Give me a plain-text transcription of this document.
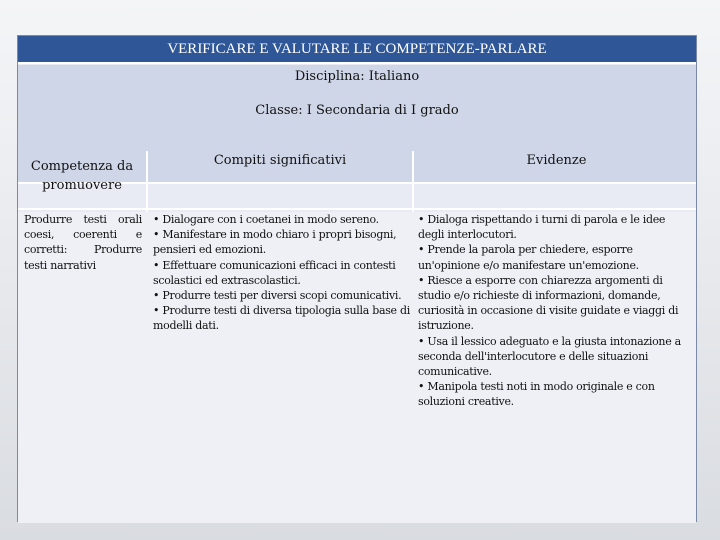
VERIFICARE E VALUTARE LE COMPETENZE-PARLARE
Disciplina: Italiano
Classe: I Secondaria di I grado
Competenza da promuovere
Compiti significativi	Evidenze

Produrre testi orali coesi, coerenti e corretti: Produrre testi narrativi

• Dialogare con i coetanei in modo sereno.

• Manifestare in modo chiaro i propri bisogni, pensieri ed emozioni.

• Effettuare comunicazioni efficaci in contesti scolastici ed extrascolastici.

• Produrre testi per diversi scopi comunicativi.

• Produrre testi di diversa tipologia sulla base di modelli dati.

• Dialoga rispettando i turni di parola e le idee degli interlocutori.

• Prende la parola per chiedere, esporre un'opinione e/o manifestare un'emozione.

• Riesce a esporre con chiarezza argomenti di studio e/o richieste di informazioni, domande, curiosità in occasione di visite guidate e viaggi di istruzione.

• Usa il lessico adeguato e la giusta intonazione a seconda dell'interlocutore e delle situazioni comunicative.

• Manipola testi noti in modo originale e con soluzioni creative.
